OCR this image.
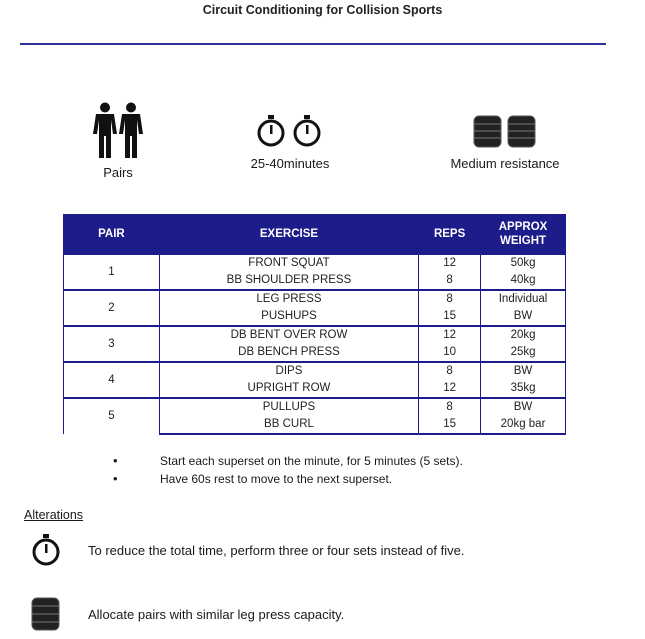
Circuit Conditioning for Collision Sports
Pairs
25-40minutes	Medium resistance
PAIR	EXERCISE	REPS	APPROX
WEIGHT
1	FRONT SQUAT	12	50kg
	BB SHOULDER PRESS	8	40kg
2	LEG PRESS	8	Individual
	PUSHUPS	15	BW
3	DB BENT OVER ROW	12	20kg
	DB BENCH PRESS	10	25kg
4	DIPS	8	BW
	UPRIGHT ROW	12	35kg
5	PULLUPS	8	BW
	BB CURL	15	20kg bar
•	Start each superset on the minute, for 5 minutes (5 sets).
•	Have 60s rest to move to the next superset.
Alterations
To reduce the total time, perform three or four sets instead of five.
Allocate pairs with similar leg press capacity.
